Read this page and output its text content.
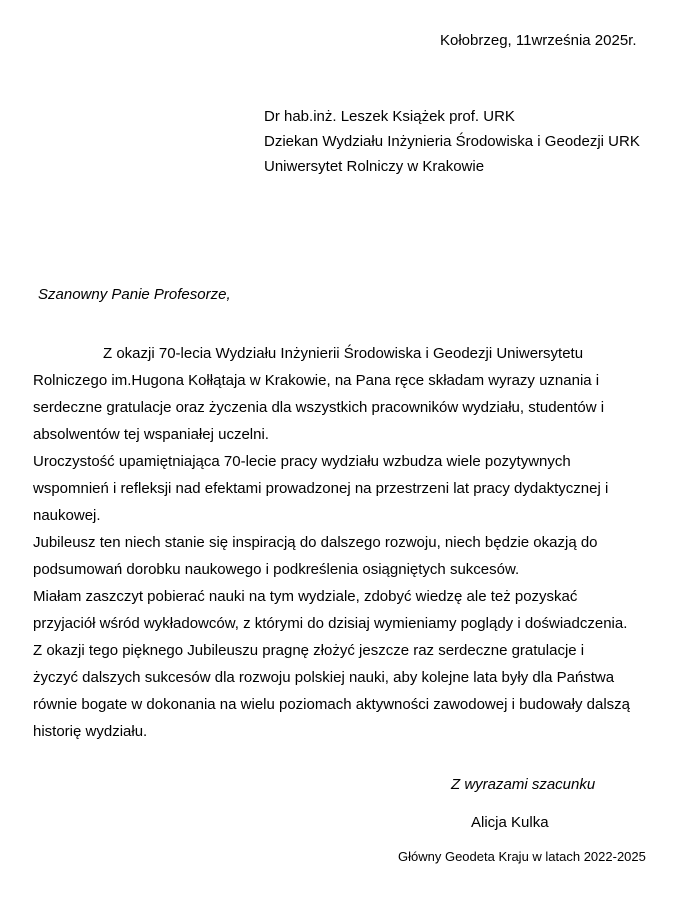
Kołobrzeg, 11września 2025r.
Dr hab.inż. Leszek Książek prof. URK
Dziekan Wydziału Inżynieria Środowiska i Geodezji URK
Uniwersytet Rolniczy w Krakowie
Szanowny Panie Profesorze,
Z okazji 70-lecia Wydziału Inżynierii Środowiska i Geodezji Uniwersytetu
Rolniczego im.Hugona Kołłątaja w Krakowie, na Pana ręce składam wyrazy uznania i
serdeczne gratulacje oraz życzenia dla wszystkich pracowników wydziału, studentów i
absolwentów tej wspaniałej uczelni.
Uroczystość upamiętniająca 70-lecie pracy wydziału wzbudza wiele pozytywnych
wspomnień i refleksji nad efektami prowadzonej na przestrzeni lat pracy dydaktycznej i
naukowej.
Jubileusz ten niech stanie się inspiracją do dalszego rozwoju, niech będzie okazją do
podsumowań dorobku naukowego i podkreślenia osiągniętych sukcesów.
Miałam zaszczyt pobierać nauki na tym wydziale, zdobyć wiedzę ale też pozyskać
przyjaciół wśród wykładowców, z którymi do dzisiaj wymieniamy poglądy i doświadczenia.
Z okazji tego pięknego Jubileuszu pragnę złożyć jeszcze raz serdeczne gratulacje i
życzyć dalszych sukcesów dla rozwoju polskiej nauki, aby kolejne lata były dla Państwa
równie bogate w dokonania na wielu poziomach aktywności zawodowej i budowały dalszą
historię wydziału.
Z wyrazami szacunku
Alicja Kulka
Główny Geodeta Kraju w latach 2022-2025
